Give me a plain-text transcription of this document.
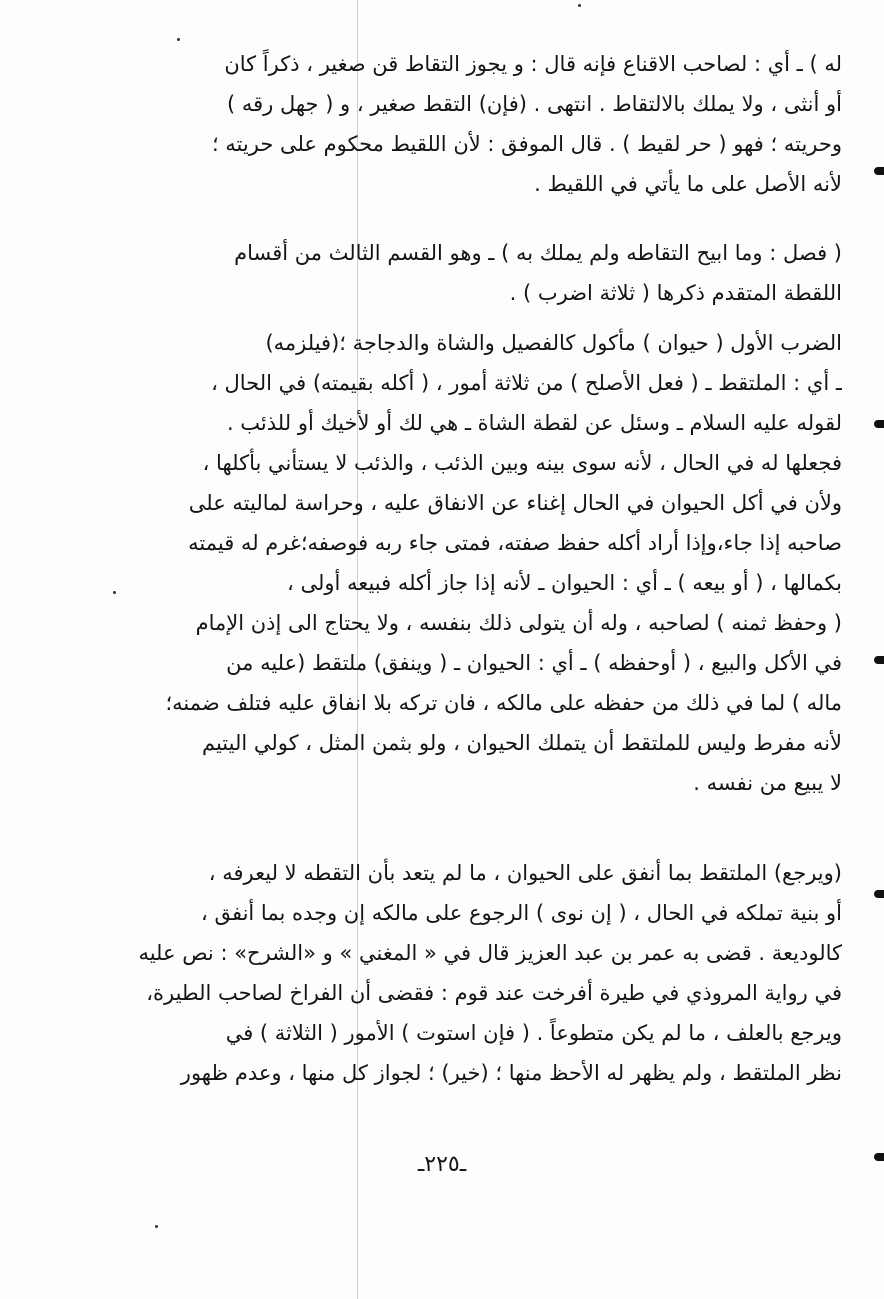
له ) ـ أي : لصاحب الاقناع فإنه قال : و يجوز التقاط قن صغير ، ذكراً كان
أو أنثى ، ولا يملك بالالتقاط . انتهى . (فإن) التقط صغير ، و ( جهل رقه )
وحريته ؛ فهو ( حر لقيط ) . قال الموفق : لأن اللقيط محكوم على حريته ؛
لأنه الأصل على ما يأتي في اللقيط .
( فصل : وما ابيح التقاطه ولم يملك به ) ـ وهو القسم الثالث من أقسام
اللقطة المتقدم ذكرها ( ثلاثة اضرب ) .
الضرب الأول ( حيوان ) مأكول كالفصيل والشاة والدجاجة ؛(فيلزمه)
ـ أي : الملتقط ـ ( فعل الأصلح ) من ثلاثة أمور ، ( أكله بقيمته) في الحال ،
لقوله عليه السلام ـ وسئل عن لقطة الشاة ـ هي لك أو لأخيك أو للذئب .
فجعلها له في الحال ، لأنه سوى بينه وبين الذئب ، والذئب لا يستأني بأكلها ،
ولأن في أكل الحيوان في الحال إغناء عن الانفاق عليه ، وحراسة لماليته على
صاحبه إذا جاء،وإذا أراد أكله حفظ صفته، فمتى جاء ربه فوصفه؛غرم له قيمته
بكمالها ، ( أو بيعه ) ـ أي : الحيوان ـ لأنه إذا جاز أكله فبيعه أولى ،
( وحفظ ثمنه ) لصاحبه ، وله أن يتولى ذلك بنفسه ، ولا يحتاج الى إذن الإمام
في الأكل والبيع ، ( أوحفظه ) ـ أي : الحيوان ـ ( وينفق) ملتقط (عليه من
ماله ) لما في ذلك من حفظه على مالكه ، فان تركه بلا انفاق عليه فتلف ضمنه؛
لأنه مفرط وليس للملتقط أن يتملك الحيوان ، ولو بثمن المثل ، كولي اليتيم
لا يبيع من نفسه .
(ويرجع) الملتقط بما أنفق على الحيوان ، ما لم يتعد بأن التقطه لا ليعرفه ،
أو بنية تملكه في الحال ، ( إن نوى ) الرجوع على مالكه إن وجده بما أنفق ،
كالوديعة . قضى به عمر بن عبد العزيز قال في « المغني » و «الشرح» : نص عليه
في رواية المروذي في طيرة أفرخت عند قوم : فقضى أن الفراخ لصاحب الطيرة،
ويرجع بالعلف ، ما لم يكن متطوعاً . ( فإن استوت ) الأمور ( الثلاثة ) في
نظر الملتقط ، ولم يظهر له الأحظ منها ؛ (خير) ؛ لجواز كل منها ، وعدم ظهور
ـ٢٢٥ـ
